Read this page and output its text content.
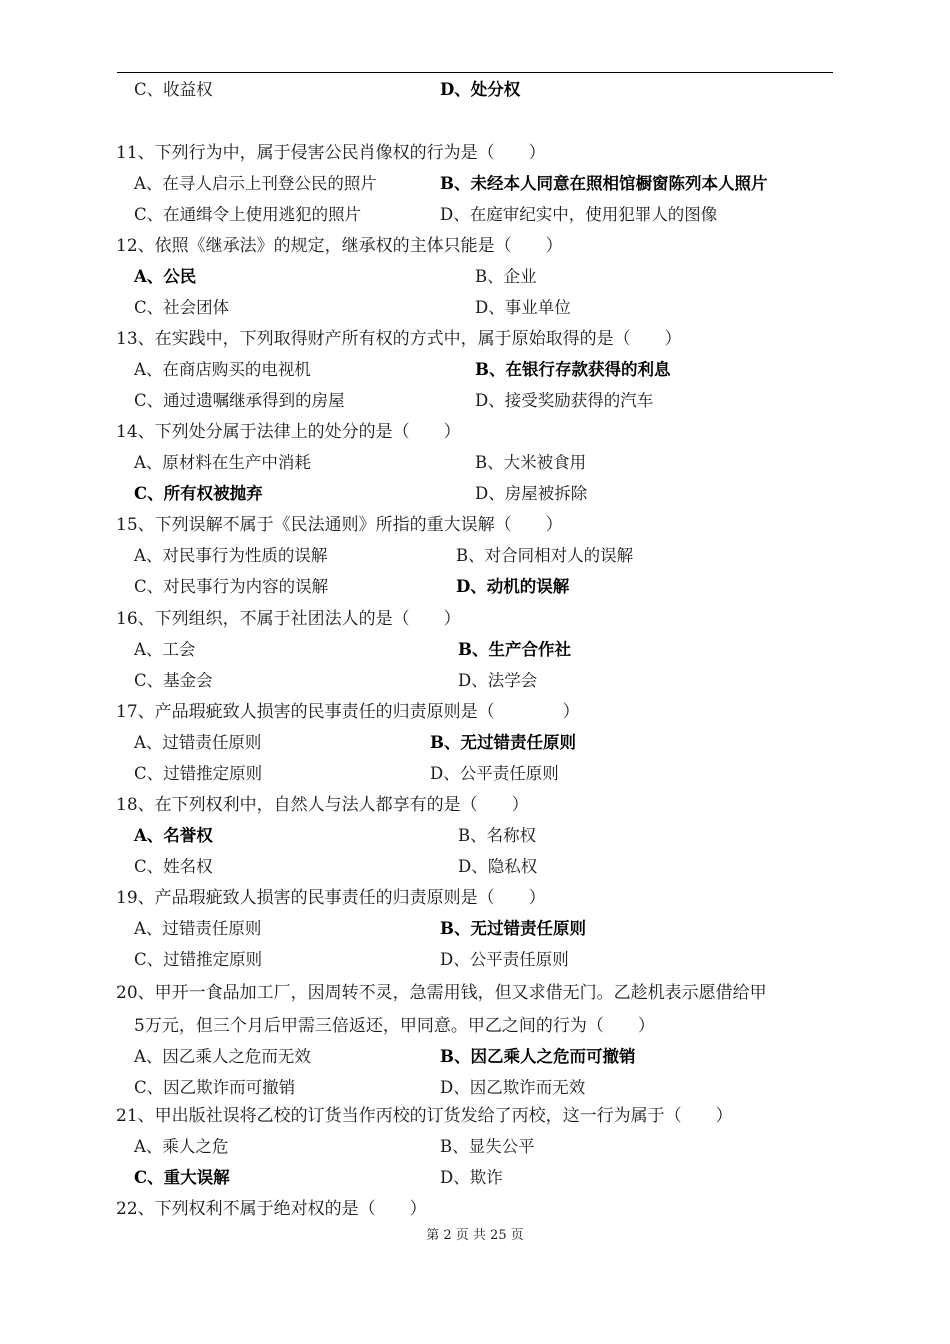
C、收益权	D、处分权
11、下列行为中，属于侵害公民肖像权的行为是（　　）
A、在寻人启示上刊登公民的照片	B、未经本人同意在照相馆橱窗陈列本人照片
C、在通缉令上使用逃犯的照片	D、在庭审纪实中，使用犯罪人的图像
12、依照《继承法》的规定，继承权的主体只能是（　　）
A、公民	B、企业
C、社会团体	D、事业单位
13、在实践中，下列取得财产所有权的方式中，属于原始取得的是（　　）
A、在商店购买的电视机	B、在银行存款获得的利息
C、通过遗嘱继承得到的房屋	D、接受奖励获得的汽车
14、下列处分属于法律上的处分的是（　　）
A、原材料在生产中消耗	B、大米被食用
C、所有权被抛弃	D、房屋被拆除
15、下列误解不属于《民法通则》所指的重大误解（　　）
A、对民事行为性质的误解	B、对合同相对人的误解
C、对民事行为内容的误解	D、动机的误解
16、下列组织，不属于社团法人的是（　　）
A、工会	B、生产合作社
C、基金会	D、法学会
17、产品瑕疵致人损害的民事责任的归责原则是（　　　　）
A、过错责任原则	B、无过错责任原则
C、过错推定原则	D、公平责任原则
18、在下列权利中，自然人与法人都享有的是（　　）
A、名誉权	B、名称权
C、姓名权	D、隐私权
19、产品瑕疵致人损害的民事责任的归责原则是（　　）
A、过错责任原则	B、无过错责任原则
C、过错推定原则	D、公平责任原则
20、甲开一食品加工厂，因周转不灵，急需用钱，但又求借无门。乙趁机表示愿借给甲
5万元，但三个月后甲需三倍返还，甲同意。甲乙之间的行为（　　）
A、因乙乘人之危而无效	B、因乙乘人之危而可撤销
C、因乙欺诈而可撤销	D、因乙欺诈而无效
21、甲出版社误将乙校的订货当作丙校的订货发给了丙校，这一行为属于（　　）
A、乘人之危	B、显失公平
C、重大误解	D、欺诈
22、下列权利不属于绝对权的是（　　）
第 2 页 共 25 页
